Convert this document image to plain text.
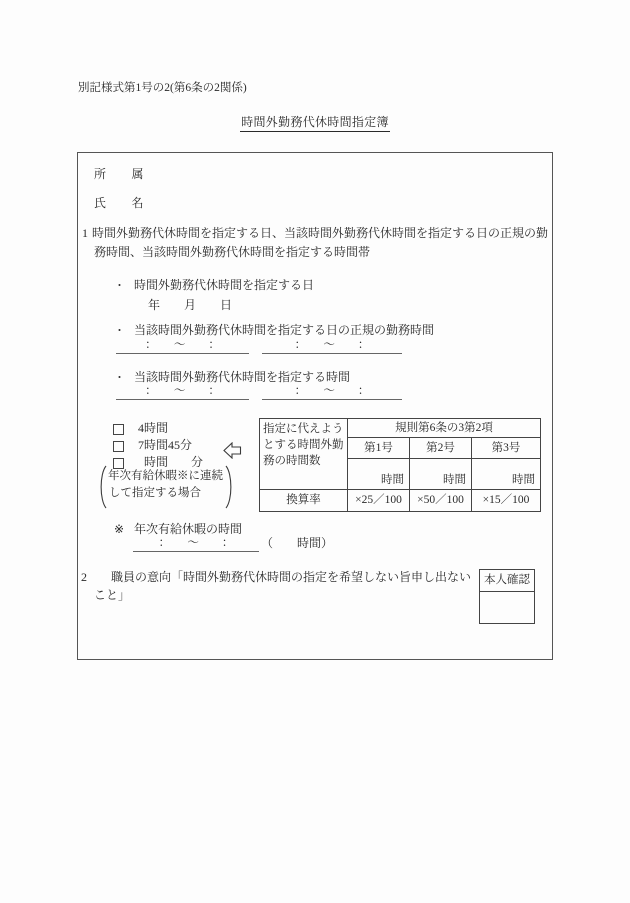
別記様式第1号の2(第6条の2関係)
時間外勤務代休時間指定簿
所　　属
氏　　名
1 時間外勤務代休時間を指定する日、当該時間外勤務代休時間を指定する日の正規の勤
務時間、当該時間外勤務代休時間を指定する時間帯
・ 時間外勤務代休時間を指定する日
年　　月　　日
・ 当該時間外勤務代休時間を指定する日の正規の勤務時間
：　　～　　：	：　　～　　：
・ 当該時間外勤務代休時間を指定する時間
：　　～　　：	：　　～　　：
4時間
7時間45分
時間 分
年次有給休暇※に連続
して指定する場合
指定に代えよう
とする時間外勤
務の時間数	規則第6条の3第2項		
	第1号	第2号	第3号
	時間	時間	時間
換算率	×25／100	×50／100	×15／100
※ 年次有給休暇の時間
：　　～　　：	（　　時間）
2 職員の意向「時間外勤務代休時間の指定を希望しない旨申し出ない
こと」
本人確認
